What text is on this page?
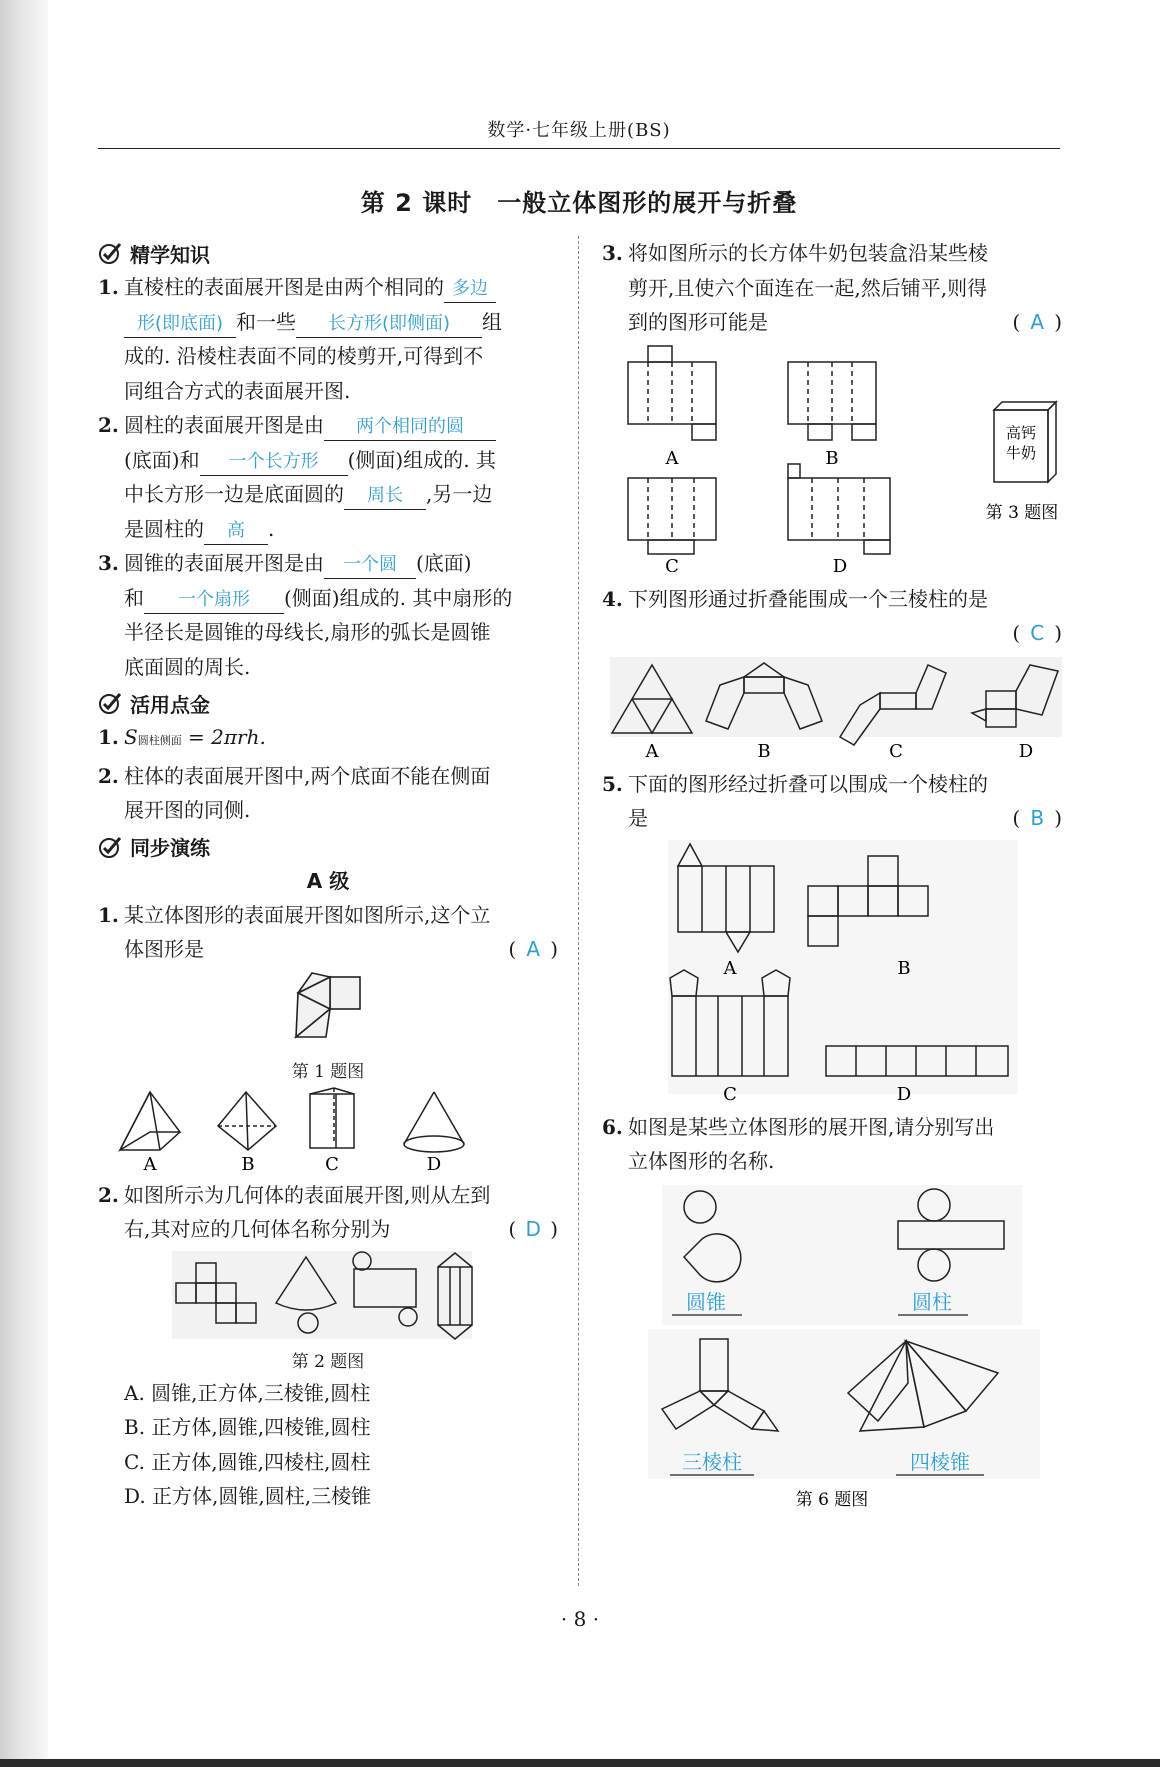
数学·七年级上册(BS)
第 2 课时　一般立体图形的展开与折叠
精学知识
1. 直棱柱的表面展开图是由两个相同的 多边
形(即底面) 和一些 长方形(即侧面) 组
成的. 沿棱柱表面不同的棱剪开,可得到不
同组合方式的表面展开图.
2. 圆柱的表面展开图是由 两个相同的圆
(底面)和 一个长方形 (侧面)组成的. 其
中长方形一边是底面圆的 周长 ,另一边
是圆柱的 高 .
3. 圆锥的表面展开图是由 一个圆 (底面)
和 一个扇形 (侧面)组成的. 其中扇形的
半径长是圆锥的母线长,扇形的弧长是圆锥
底面圆的周长.
活用点金
1. S圆柱侧面 = 2πrh.
2. 柱体的表面展开图中,两个底面不能在侧面
展开图的同侧.
同步演练
A 级
1. 某立体图形的表面展开图如图所示,这个立
体图形是	( A )
第 1 题图
A	B	C	D
2. 如图所示为几何体的表面展开图,则从左到
右,其对应的几何体名称分别为	( D )
第 2 题图
A. 圆锥,正方体,三棱锥,圆柱
B. 正方体,圆锥,四棱锥,圆柱
C. 正方体,圆锥,四棱柱,圆柱
D. 正方体,圆锥,圆柱,三棱锥
3. 将如图所示的长方体牛奶包装盒沿某些棱
剪开,且使六个面连在一起,然后铺平,则得
到的图形可能是	( A )
A	B
C	D
高钙
牛奶
第 3 题图
4. 下列图形通过折叠能围成一个三棱柱的是

( C )
A	B	C	D
5. 下面的图形经过折叠可以围成一个棱柱的
是	( B )
A	B
C	D
6. 如图是某些立体图形的展开图,请分别写出
立体图形的名称.
圆锥	圆柱
三棱柱	四棱锥
第 6 题图
· 8 ·
